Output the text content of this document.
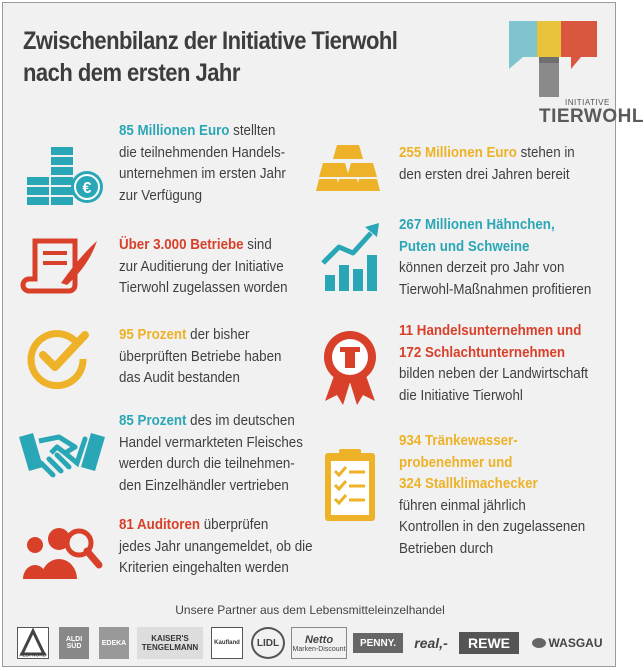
Zwischenbilanz der Initiative Tierwohl
nach dem ersten Jahr
INITIATIVE
TIERWOHL
€
85 Millionen Euro stellten
die teilnehmenden Handels-
unternehmen im ersten Jahr
zur Verfügung
Über 3.000 Betriebe sind
zur Auditierung der Initiative
Tierwohl zugelassen worden
95 Prozent der bisher
überprüften Betriebe haben
das Audit bestanden
85 Prozent des im deutschen
Handel vermarkteten Fleisches
werden durch die teilnehmen-
den Einzelhändler vertrieben
81 Auditoren überprüfen
jedes Jahr unangemeldet, ob die
Kriterien eingehalten werden
255 Millionen Euro stehen in
den ersten drei Jahren bereit
267 Millionen Hähnchen,
Puten und Schweine
können derzeit pro Jahr von
Tierwohl-Maßnahmen profitieren
11 Handelsunternehmen und
172 Schlachtunternehmen
bilden neben der Landwirtschaft
die Initiative Tierwohl
934 Tränkewasser-
probenehmer und
324 Stallklimachecker
führen einmal jährlich
Kontrollen in den zugelassenen
Betrieben durch
Unsere Partner aus dem Lebensmitteleinzelhandel
ALDI NORD
ALDI SÜD	EDEKA	KAISER'S
TENGELMANN	Kaufland LIDL Netto
Marken-Discount
PENNY. real,- REWE	WASGAU
